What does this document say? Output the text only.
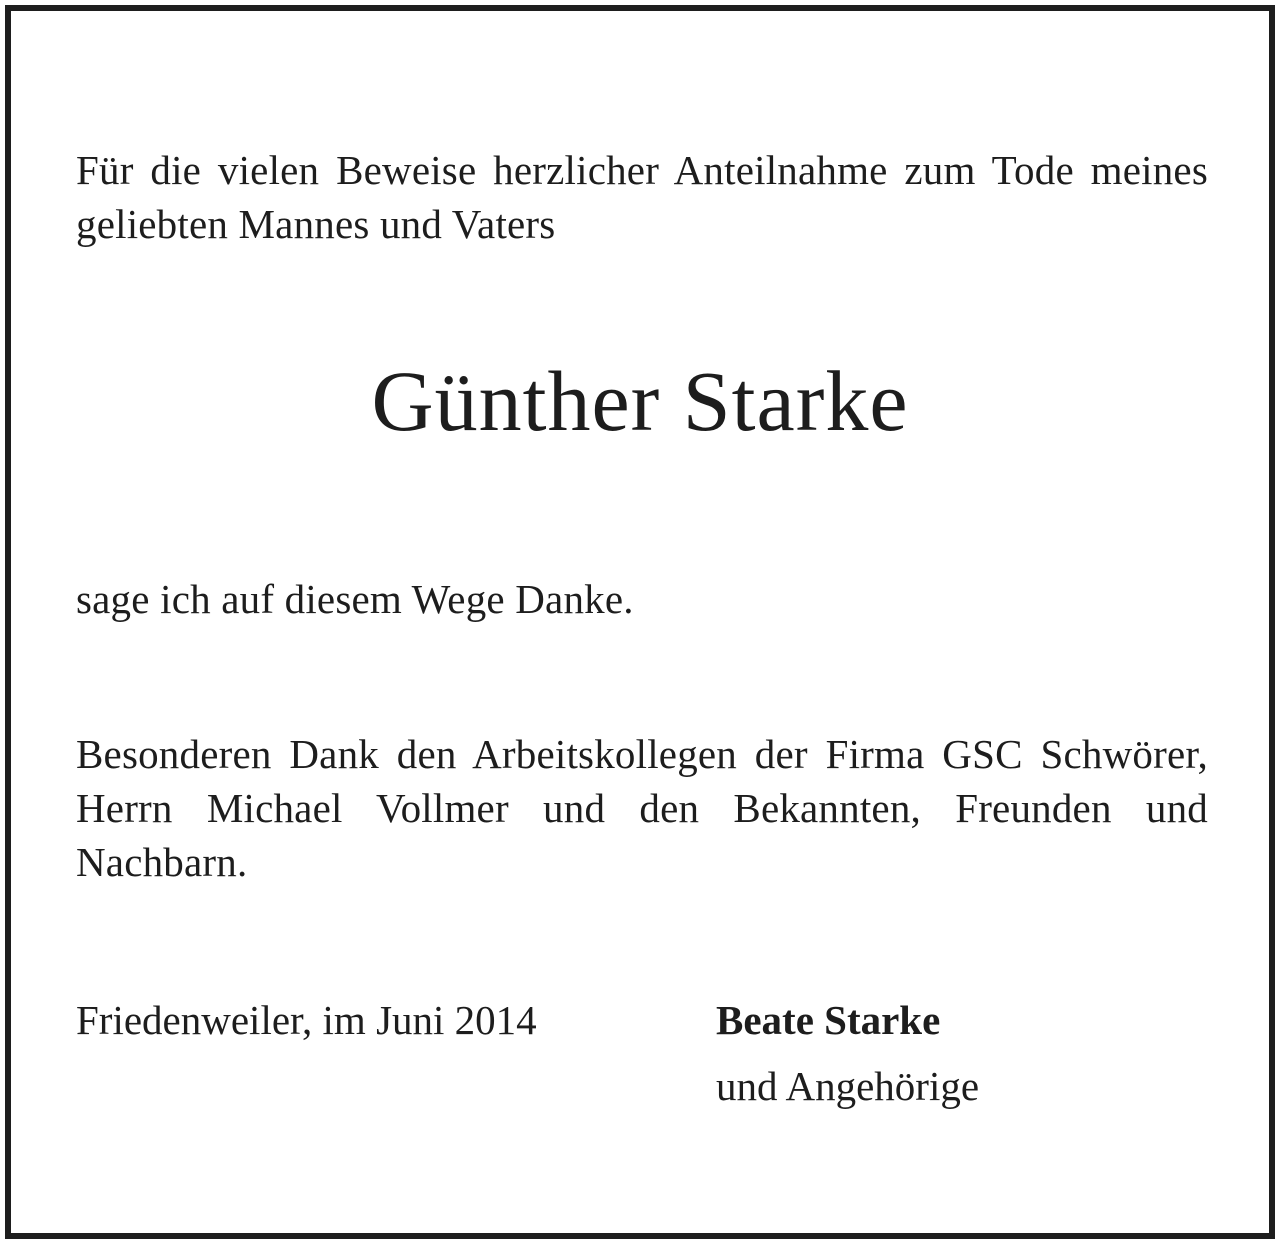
Für die vielen Beweise herzlicher Anteilnahme zum Tode meines geliebten Mannes und Vaters
Günther Starke
sage ich auf diesem Wege Danke.
Besonderen Dank den Arbeitskollegen der Firma GSC Schwörer, Herrn Michael Vollmer und den Bekannten, Freunden und Nachbarn.
Friedenweiler, im Juni 2014	Beate Starke
und Angehörige
